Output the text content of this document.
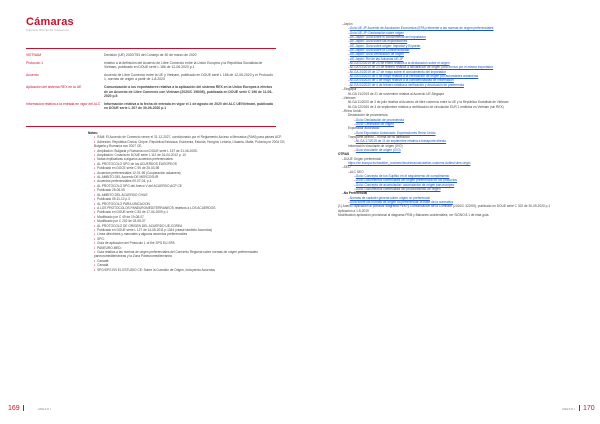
Cámaras
Cámara Oficial de Comercio
VIETNAM	Decisión (UE) 2020/753 del Consejo de 30 de marzo de 2020
Protocolo 1	relativo a la definición del Acuerdo de Libre Comercio entre la Unión Europea y la República Socialista de Vietnam, publicado en DOUE serie L 186 de 12-06-2020 p.1
Acuerdo	Acuerdo de Libre Comercio entre la UE y Vietnam, publicado en DOUE serie L 186 de 12-06-2020 y el Protocolo 1, normas de origen a partir de 1-8-2020
Aplicación del sistema REX en la UE	Comunicación a los exportadores relativa a la aplicación del sistema REX en la Unión Europea a efectos de un Acuerdo de Libre Comercio con Vietnam (2020/C 196/06), publicada en DOUE serie C 196 de 11-06-2020 p.8
Información relativa a la entrada en vigor del ALC	Información relativa a la fecha de entrada en vigor el 1 de agosto de 2020 del ALC UE/Vietnam, publicada en DOUE serie L 207 de 30-06-2020 p.1
Notas:
▪ RAM: El Acuerdo de Comercio vence el 31-12-2027, condicionado por el Reglamento Acceso a Mercados (RAM) para países ACP.
▪ Adhesión: República Checa, Chipre, República Eslovaca, Eslovenia, Estonia, Hungría, Letonia, Lituania, Malta, Polonia por 2004 CE; Bulgaria y Rumanía con 2007 CE.
▪ Ampliación: Bulgaria y Rumanía con DOUE serie L 157 de 21-06-2005.
▪ Ampliación: Croacia en DOUE serie L 112 de 24-04-2012 p. 10
▪ Notas explicativas a algunos acuerdos preferenciales:
▪ AL PROTOCOLO SPG de los ACUERDOS EUROPEOS
▪ Publicado en DOCE serie C 90 de 25-03-98
▪ Acuerdos preferenciales 12-01-96 (Cooperación aduanera)
▪ AL AMBITO DEL Acuerdo DE MERCOSUR
▪ Acuerdos preferenciales 09-07-04, p.4
▪ AL PROTOCOLO SPG del Anexo V del ACUERDO ACP CE
▪ Publicado 25-05-05
▪ AL AMBITO DEL ACUERDO CHILE
▪ Publicado 09-11-12 p.3
▪ AL PROTOCOLO PARA UBICACION
▪ A LOS PROTOCOLOS PANEUROMEDITERRANEOS relativos a LOS ACUERDOS
▪ Publicado en DOUE serie C 83 de 17-04-2009 p.1
▪ Modificado por C 49 de 19-08-07
▪ Modificado por C 202 de 03-08-07
▪ AL PROTOCOLO DE ORIGEN DEL ACUERDO UE-COREA
▪ Publicado en DOUE serie L 127 de 14-05-2011 p.1344 (véase también Acuerdos)
▪ Línea directrices y manuales y algunos acuerdos preferenciales
▪ SPG:
▪ Guía de aplicación del Protocolo 1 of the SPG EU-SPA
▪ PANEURO-MED:
▪ Guía relativa a las normas de origen preferenciales del Convenio Regional sobre normas de origen preferenciales paneuromediterráneas y la Zona Paneuromediterránea
▪ Canadá:
▪ Canadá
▪ SPG/SPG EN EL ESTUDIO CE: Sobre la Cuestión de Origen, incluyendo Acuerdos
169	ANEXO I
– Japón
– Guía UE-JP Acuerdo de Asociación Económica (EPA) referente a las normas de origen preferenciales
– Guía UE-JP: Declaración sobre origen
– UE-Japón: Guía sobre el conocimiento del importador
– UE-Japón: Guía sobre las exportaciones
– UE-Japón: Guía sobre origen: Importar y Exportar
– UE-Japón: Guía sobre la Confidencialidad
– UE-Japón: Guía Verificación de origen
– UE-Japón: Rol de las Aduanas UE-JP
– NI-GA 02/2019 de 20 de enero relativa a la declaración sobre el origen
– NI-GA 03/2019 de 20 de febrero relativa a declaración de origen para envíos por el mismo exportador
– NI-GA 24/2019 de 17 de mayo sobre el conocimiento del importador
– NI-GA 03/2020 de 4 de mayo relativa a la verificación de origen por autoridades aduaneras
– NI-GA 04/2020 de 1 de mayo relativa a la confidencialidad de información
– NI-GA 04/2020 de 4 de febrero relativa a verificación y devolución de preferencia
– Singapur
NI-GA 21/2019 de 21 de noviembre relativa al Acuerdo UE-Singapur
– Vietnam
NI-GA 11/2020 de 3 de julio relativa al Acuerdo de libre comercio entre la UE y la República Socialista de Vietnam
NI-GA 12/2020 de 3 de septiembre relativa a certificación de circulación EUR 1 emitidos en Vietnam (sin REX)
– Reino Unido
Declaración de procedencia
– Guía: Declaración de procedencia
– Guía: Certificado de origen
Exportador autorizado
– Guía Exportador Autorizado: Exportaciones Reino Unido
Transporte directo – norma de no alteración
– NI-GA 17/2019 de 11 de septiembre relativa a transporte directo
Información vinculante de origen (IVO)
– Guía vinculante de origen (IVO)
OTRAS
– DUUE Origen preferencial
https://ec.europa.eu/taxation_customs/business/calculation-customs-duties/rules-origin
– SEO
– ALC SEO
– Guía: Concepto de Ius Suplitur en el seguimiento de cumplimiento
– Guía: Documentos comerciales del origen preferencial de los productos
– Guía: Concepto de acumulación: acumulación de origen pan-europeo
– Guía: Documentos comerciales del procedimiento de origen
– No Preferencial
– Normas de carácter general sobre origen no preferencial
– Guía sobre las normas de origen no preferencial: la base de la normativa
(1) Anexo I aplicación al portador diagrama PEM y Comunicación de la Comisión (2020/C 322/05), publicado en DOUE serie C 322 de 30-09-2020 p.1
Aplicación a 1-5-2019
Modificación aplicación provisional al diagrama PEM y Balcanes occidentales, ver SIGNO 8.1 de esta guía.
ANEXO I	170
